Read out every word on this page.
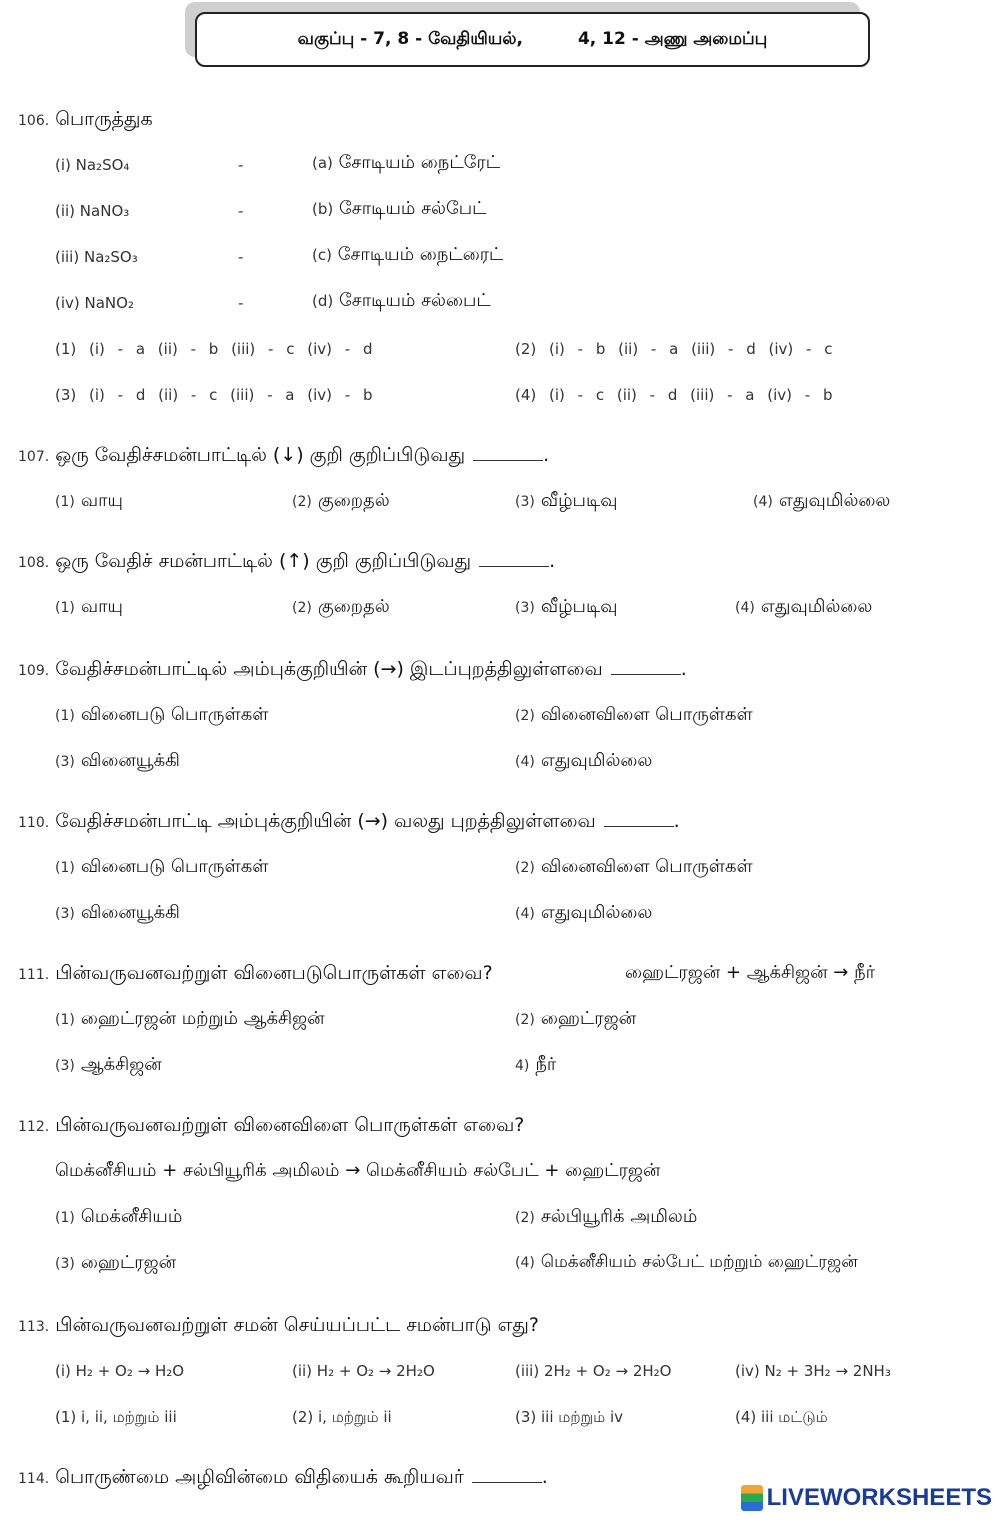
வகுப்பு - 7, 8 - வேதியியல்,	4, 12 - அணு அமைப்பு
106. பொருத்துக
(i) Na₂SO₄	-	(a) சோடியம் நைட்ரேட்
(ii) NaNO₃	-	(b) சோடியம் சல்பேட்
(iii) Na₂SO₃	-	(c) சோடியம் நைட்ரைட்
(iv) NaNO₂	-	(d) சோடியம் சல்பைட்
(1) (i) - a (ii) - b (iii) - c (iv) - d	(2) (i) - b (ii) - a (iii) - d (iv) - c
(3) (i) - d (ii) - c (iii) - a (iv) - b	(4) (i) - c (ii) - d (iii) - a (iv) - b
107. ஒரு வேதிச்சமன்பாட்டில் (↓) குறி குறிப்பிடுவது	.
(1) வாயு	(2) குறைதல்	(3) வீழ்படிவு	(4) எதுவுமில்லை
108. ஒரு வேதிச் சமன்பாட்டில் (↑) குறி குறிப்பிடுவது	.
(1) வாயு	(2) குறைதல்	(3) வீழ்படிவு	(4) எதுவுமில்லை
109. வேதிச்சமன்பாட்டில் அம்புக்குறியின் (→) இடப்புறத்திலுள்ளவை	.
(1) வினைபடு பொருள்கள்	(2) வினைவிளை பொருள்கள்
(3) வினையூக்கி	(4) எதுவுமில்லை
110. வேதிச்சமன்பாட்டி அம்புக்குறியின் (→) வலது புறத்திலுள்ளவை	.
(1) வினைபடு பொருள்கள்	(2) வினைவிளை பொருள்கள்
(3) வினையூக்கி	(4) எதுவுமில்லை
111. பின்வருவனவற்றுள் வினைபடுபொருள்கள் எவை?	ஹைட்ரஜன் + ஆக்சிஜன் → நீர்
(1) ஹைட்ரஜன் மற்றும் ஆக்சிஜன்	(2) ஹைட்ரஜன்
(3) ஆக்சிஜன்	4) நீர்
112. பின்வருவனவற்றுள் வினைவிளை பொருள்கள் எவை?
மெக்னீசியம் + சல்பியூரிக் அமிலம் → மெக்னீசியம் சல்பேட் + ஹைட்ரஜன்
(1) மெக்னீசியம்	(2) சல்பியூரிக் அமிலம்
(3) ஹைட்ரஜன்	(4) மெக்னீசியம் சல்பேட் மற்றும் ஹைட்ரஜன்
113. பின்வருவனவற்றுள் சமன் செய்யப்பட்ட சமன்பாடு எது?
(i) H₂ + O₂ → H₂O	(ii) H₂ + O₂ → 2H₂O	(iii) 2H₂ + O₂ → 2H₂O	(iv) N₂ + 3H₂ → 2NH₃
(1) i, ii, மற்றும் iii	(2) i, மற்றும் ii	(3) iii மற்றும் iv	(4) iii மட்டும்
114. பொருண்மை அழிவின்மை விதியைக் கூறியவர்	.
LIVEWORKSHEETS
